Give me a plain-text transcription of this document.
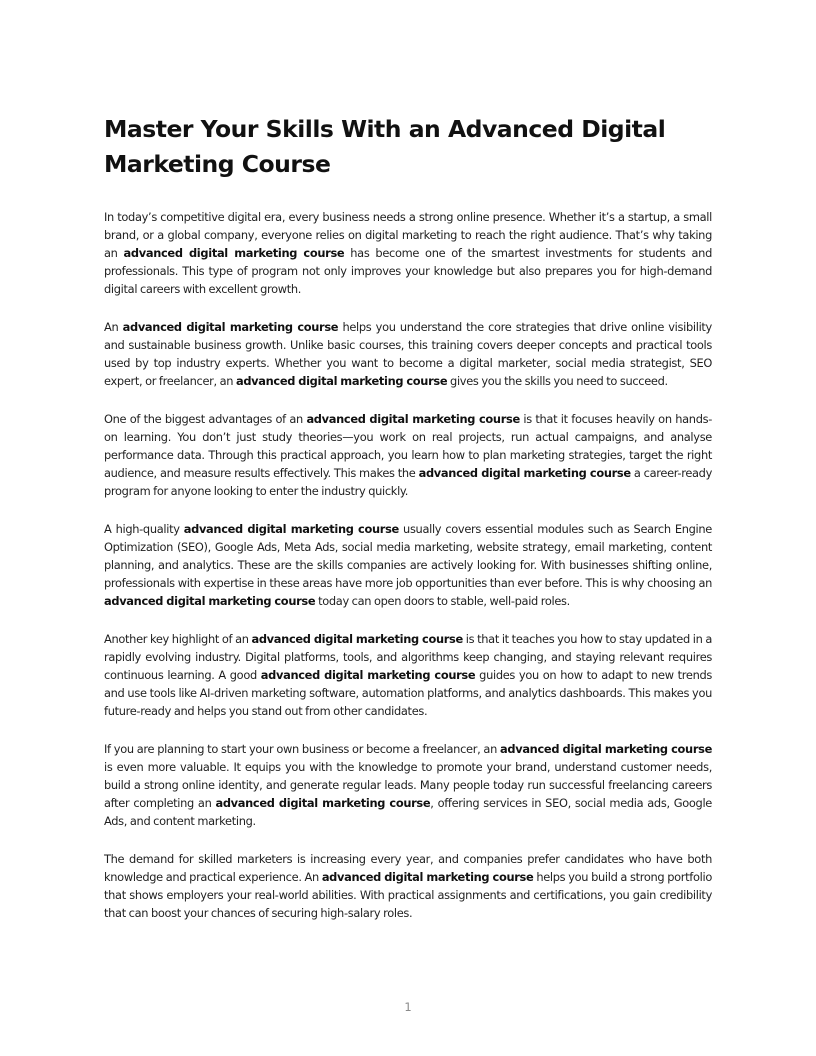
Master Your Skills With an Advanced Digital Marketing Course

In today’s competitive digital era, every business needs a strong online presence. Whether it’s a startup, a small brand, or a global company, everyone relies on digital marketing to reach the right audience. That’s why taking an advanced digital marketing course has become one of the smartest investments for students and professionals. This type of program not only improves your knowledge but also prepares you for high-demand digital careers with excellent growth.

An advanced digital marketing course helps you understand the core strategies that drive online visibility and sustainable business growth. Unlike basic courses, this training covers deeper concepts and practical tools used by top industry experts. Whether you want to become a digital marketer, social media strategist, SEO expert, or freelancer, an advanced digital marketing course gives you the skills you need to succeed.

One of the biggest advantages of an advanced digital marketing course is that it focuses heavily on hands-on learning. You don’t just study theories—you work on real projects, run actual campaigns, and analyse performance data. Through this practical approach, you learn how to plan marketing strategies, target the right audience, and measure results effectively. This makes the advanced digital marketing course a career-ready program for anyone looking to enter the industry quickly.

A high-quality advanced digital marketing course usually covers essential modules such as Search Engine Optimization (SEO), Google Ads, Meta Ads, social media marketing, website strategy, email marketing, content planning, and analytics. These are the skills companies are actively looking for. With businesses shifting online, professionals with expertise in these areas have more job opportunities than ever before. This is why choosing an advanced digital marketing course today can open doors to stable, well-paid roles.

Another key highlight of an advanced digital marketing course is that it teaches you how to stay updated in a rapidly evolving industry. Digital platforms, tools, and algorithms keep changing, and staying relevant requires continuous learning. A good advanced digital marketing course guides you on how to adapt to new trends and use tools like AI-driven marketing software, automation platforms, and analytics dashboards. This makes you future-ready and helps you stand out from other candidates.

If you are planning to start your own business or become a freelancer, an advanced digital marketing course is even more valuable. It equips you with the knowledge to promote your brand, understand customer needs, build a strong online identity, and generate regular leads. Many people today run successful freelancing careers after completing an advanced digital marketing course, offering services in SEO, social media ads, Google Ads, and content marketing.

The demand for skilled marketers is increasing every year, and companies prefer candidates who have both knowledge and practical experience. An advanced digital marketing course helps you build a strong portfolio that shows employers your real-world abilities. With practical assignments and certifications, you gain credibility that can boost your chances of securing high-salary roles.

1
